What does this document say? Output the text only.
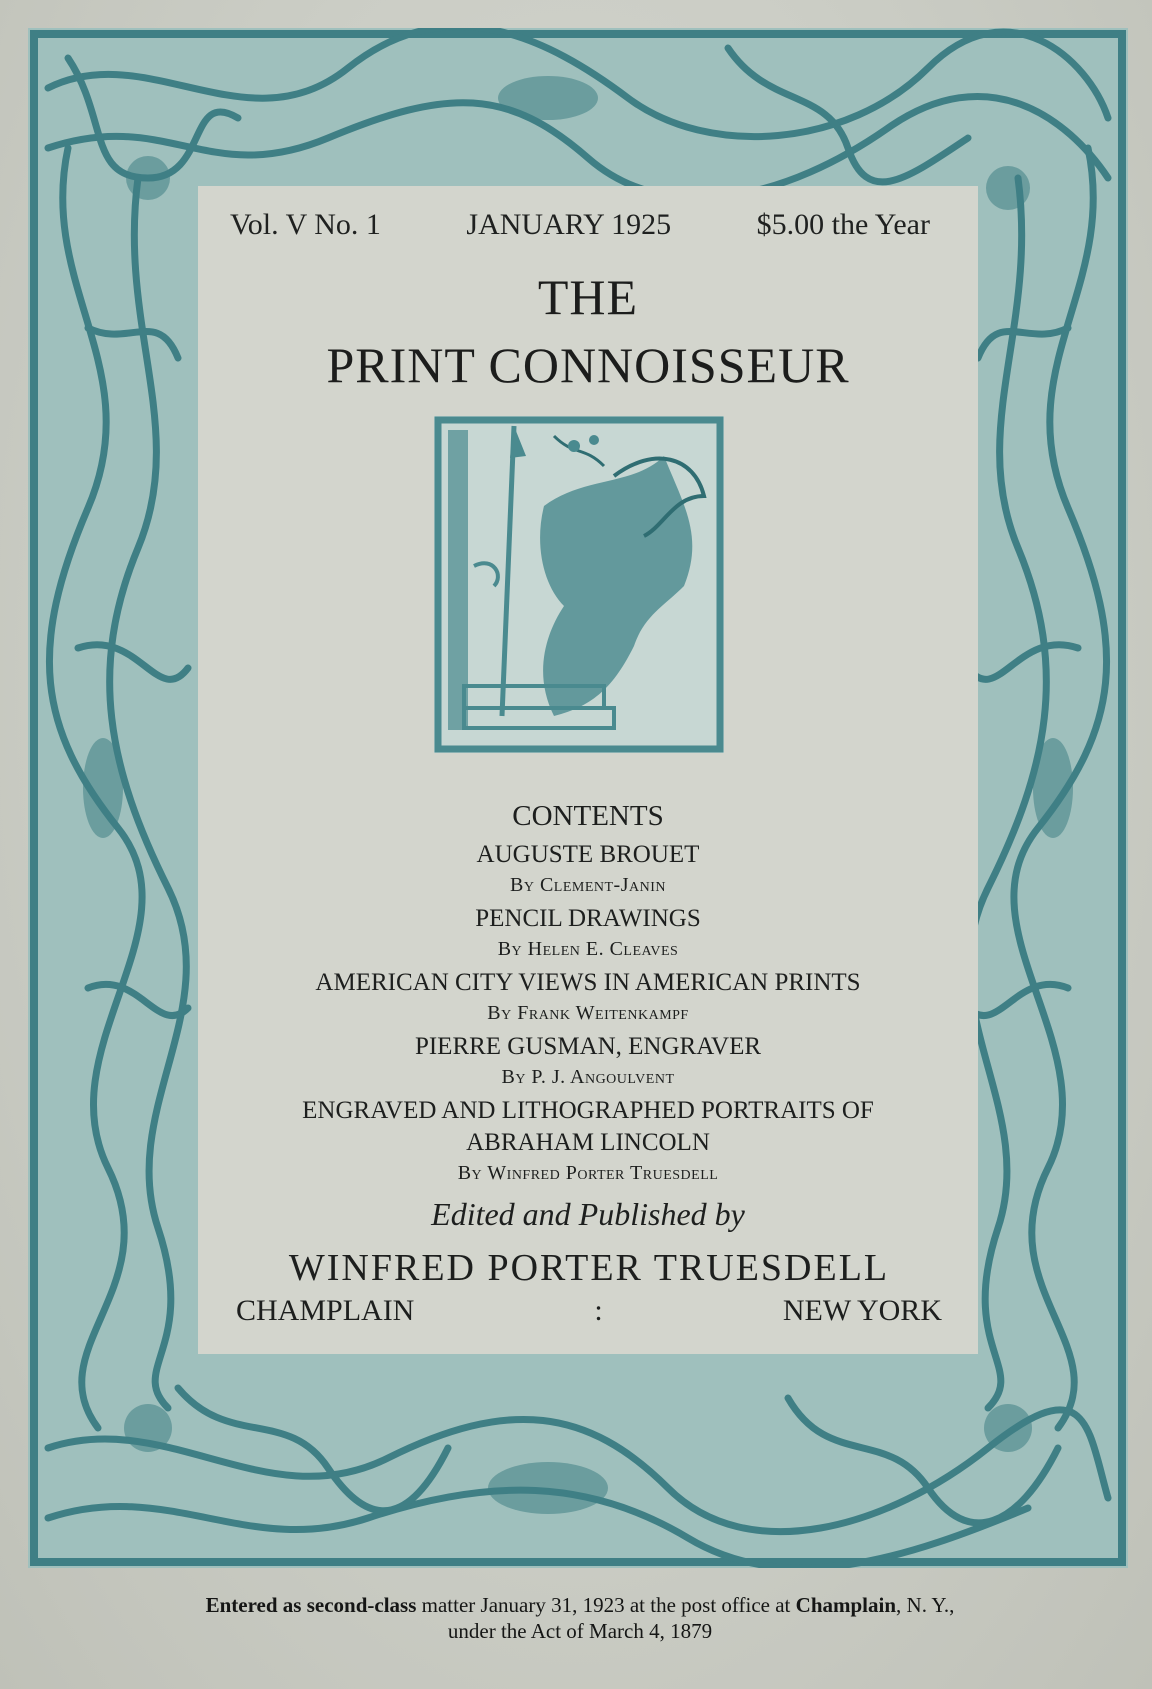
Vol. V No. 1	JANUARY 1925	$5.00 the Year
THE
PRINT CONNOISSEUR
CONTENTS
AUGUSTE BROUET
By Clement-Janin
PENCIL DRAWINGS
By Helen E. Cleaves
AMERICAN CITY VIEWS IN AMERICAN PRINTS
By Frank Weitenkampf
PIERRE GUSMAN, ENGRAVER
By P. J. Angoulvent
ENGRAVED AND LITHOGRAPHED PORTRAITS OF
ABRAHAM LINCOLN
By Winfred Porter Truesdell
Edited and Published by
WINFRED PORTER TRUESDELL
CHAMPLAIN	:	NEW YORK
Entered as second-class matter January 31, 1923 at the post office at Champlain, N. Y.,
under the Act of March 4, 1879
